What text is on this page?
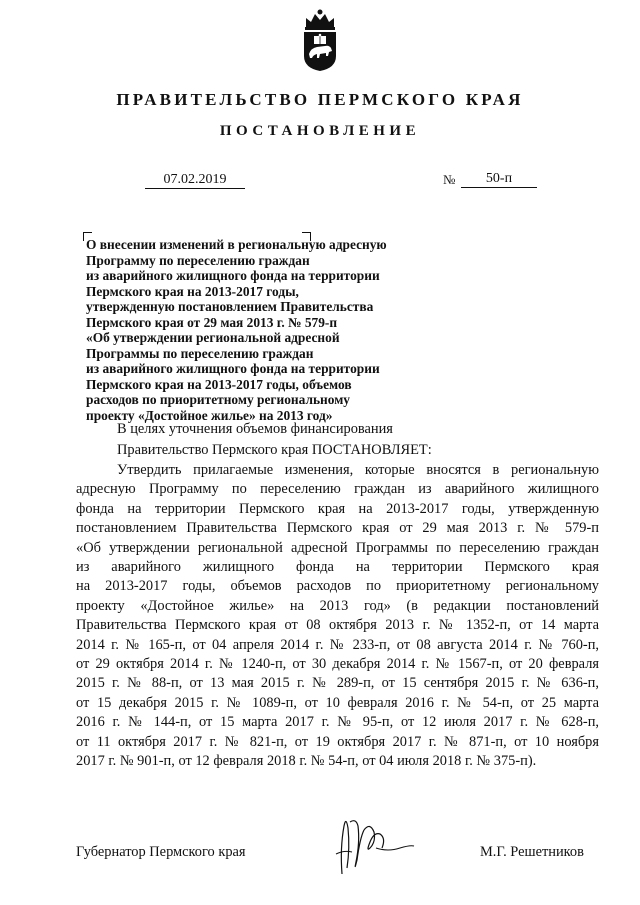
ПРАВИТЕЛЬСТВО ПЕРМСКОГО КРАЯ
ПОСТАНОВЛЕНИЕ
07.02.2019	№	50-п
О внесении изменений в региональную адресную
Программу по переселению граждан
из аварийного жилищного фонда на территории
Пермского края на 2013-2017 годы,
утвержденную постановлением Правительства
Пермского края от 29 мая 2013 г. № 579-п
«Об утверждении региональной адресной
Программы по переселению граждан
из аварийного жилищного фонда на территории
Пермского края на 2013-2017 годы, объемов
расходов по приоритетному региональному
проекту «Достойное жилье» на 2013 год»
В целях уточнения объемов финансирования
Правительство Пермского края ПОСТАНОВЛЯЕТ:
Утвердить прилагаемые изменения, которые вносятся в региональную
адресную Программу по переселению граждан из аварийного жилищного
фонда на территории Пермского края на 2013-2017 годы, утвержденную
постановлением Правительства Пермского края от 29 мая 2013 г. № 579-п
«Об утверждении региональной адресной Программы по переселению граждан
из аварийного жилищного фонда на территории Пермского края
на 2013-2017 годы, объемов расходов по приоритетному региональному
проекту «Достойное жилье» на 2013 год» (в редакции постановлений
Правительства Пермского края от 08 октября 2013 г. № 1352-п, от 14 марта
2014 г. № 165-п, от 04 апреля 2014 г. № 233-п, от 08 августа 2014 г. № 760-п,
от 29 октября 2014 г. № 1240-п, от 30 декабря 2014 г. № 1567-п, от 20 февраля
2015 г. № 88-п, от 13 мая 2015 г. № 289-п, от 15 сентября 2015 г. № 636-п,
от 15 декабря 2015 г. № 1089-п, от 10 февраля 2016 г. № 54-п, от 25 марта
2016 г. № 144-п, от 15 марта 2017 г. № 95-п, от 12 июля 2017 г. № 628-п,
от 11 октября 2017 г. № 821-п, от 19 октября 2017 г. № 871-п, от 10 ноября
2017 г. № 901-п, от 12 февраля 2018 г. № 54-п, от 04 июля 2018 г. № 375-п).
Губернатор Пермского края	М.Г. Решетников
